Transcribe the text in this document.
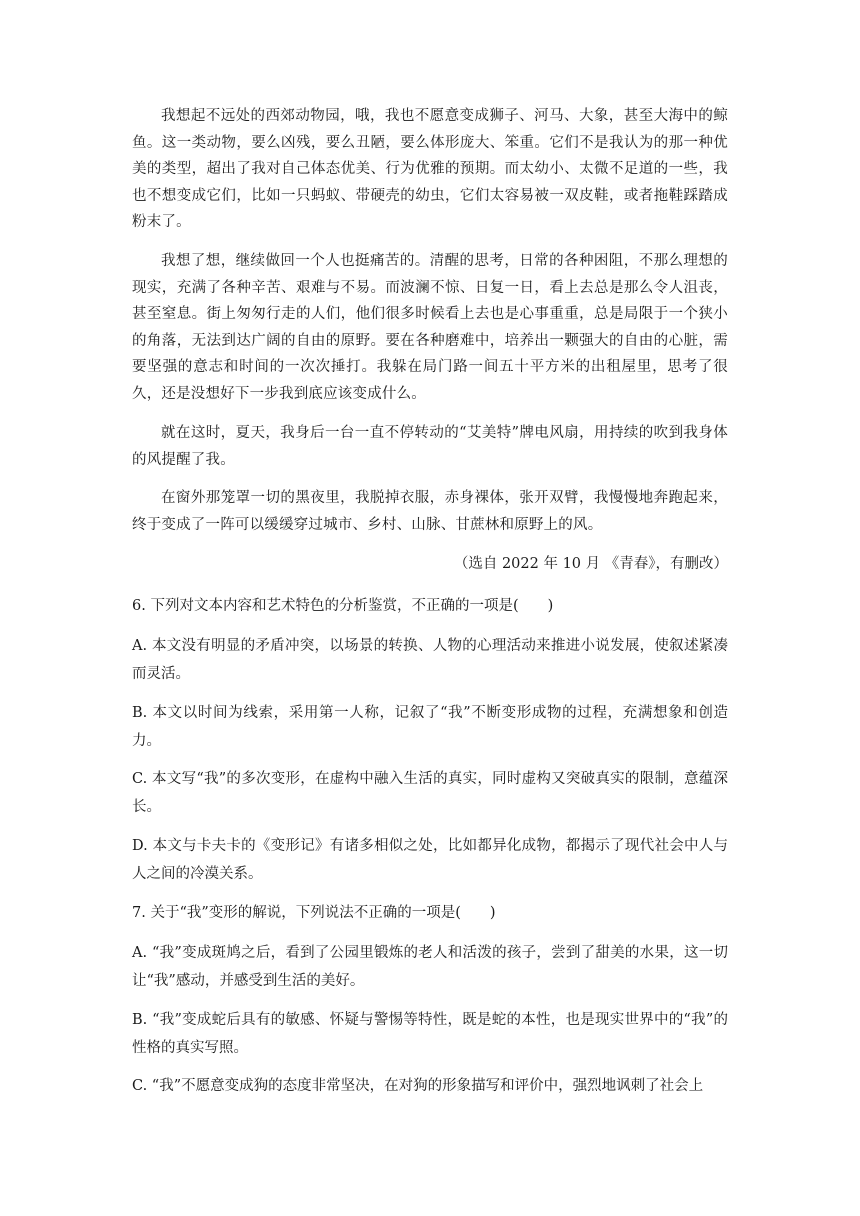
我想起不远处的西郊动物园，哦，我也不愿意变成狮子、河马、大象，甚至大海中的鲸鱼。这一类动物，要么凶残，要么丑陋，要么体形庞大、笨重。它们不是我认为的那一种优美的类型，超出了我对自己体态优美、行为优雅的预期。而太幼小、太微不足道的一些，我也不想变成它们，比如一只蚂蚁、带硬壳的幼虫，它们太容易被一双皮鞋，或者拖鞋踩踏成粉末了。

我想了想，继续做回一个人也挺痛苦的。清醒的思考，日常的各种困阻，不那么理想的现实，充满了各种辛苦、艰难与不易。而波澜不惊、日复一日，看上去总是那么令人沮丧，甚至窒息。街上匆匆行走的人们，他们很多时候看上去也是心事重重，总是局限于一个狭小的角落，无法到达广阔的自由的原野。要在各种磨难中，培养出一颗强大的自由的心脏，需要坚强的意志和时间的一次次捶打。我躲在局门路一间五十平方米的出租屋里，思考了很久，还是没想好下一步我到底应该变成什么。

就在这时，夏天，我身后一台一直不停转动的“艾美特”牌电风扇，用持续的吹到我身体的风提醒了我。

在窗外那笼罩一切的黑夜里，我脱掉衣服，赤身裸体，张开双臂，我慢慢地奔跑起来，终于变成了一阵可以缓缓穿过城市、乡村、山脉、甘蔗林和原野上的风。

（选自 2022 年 10 月 《青春》，有删改）

6. 下列对文本内容和艺术特色的分析鉴赏，不正确的一项是(　　)

A. 本文没有明显的矛盾冲突，以场景的转换、人物的心理活动来推进小说发展，使叙述紧凑而灵活。

B. 本文以时间为线索，采用第一人称，记叙了“我”不断变形成物的过程，充满想象和创造力。

C. 本文写“我”的多次变形，在虚构中融入生活的真实，同时虚构又突破真实的限制，意蕴深长。

D. 本文与卡夫卡的《变形记》有诸多相似之处，比如都异化成物，都揭示了现代社会中人与人之间的冷漠关系。

7. 关于“我”变形的解说，下列说法不正确的一项是(　　)

A. “我”变成斑鸠之后，看到了公园里锻炼的老人和活泼的孩子，尝到了甜美的水果，这一切让“我”感动，并感受到生活的美好。

B. “我”变成蛇后具有的敏感、怀疑与警惕等特性，既是蛇的本性，也是现实世界中的“我”的性格的真实写照。

C. “我”不愿意变成狗的态度非常坚决，在对狗的形象描写和评价中，强烈地讽刺了社会上
